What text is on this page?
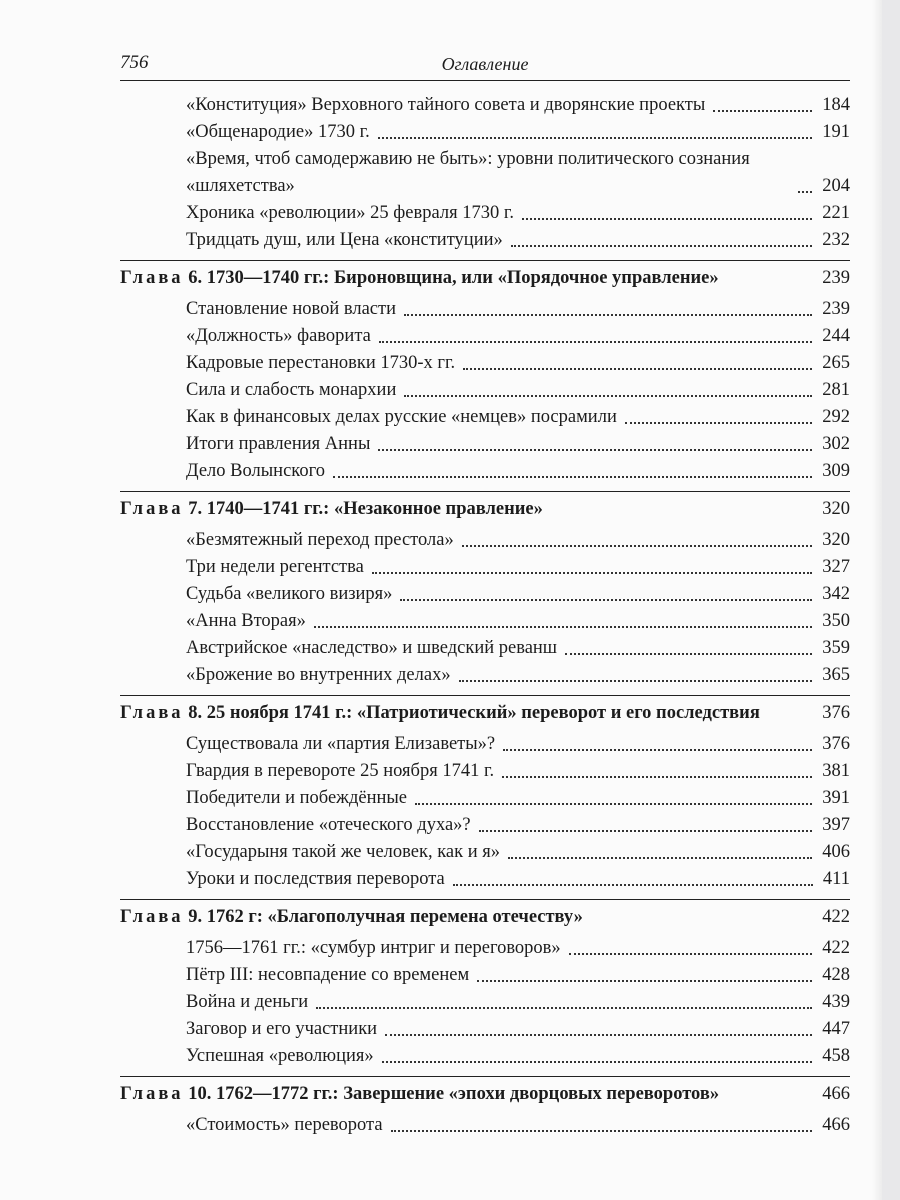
756	Оглавление
«Конституция» Верховного тайного совета и дворянские проекты	184
«Общенародие» 1730 г.	191
«Время, чтоб самодержавию не быть»: уровни политического сознания «шляхетства»	204
Хроника «революции» 25 февраля 1730 г.	221
Тридцать душ, или Цена «конституции»	232
Глава 6. 1730—1740 гг.: Бироновщина, или «Порядочное управление»	239
Становление новой власти	239
«Должность» фаворита	244
Кадровые перестановки 1730-х гг.	265
Сила и слабость монархии	281
Как в финансовых делах русские «немцев» посрамили	292
Итоги правления Анны	302
Дело Волынского	309
Глава 7. 1740—1741 гг.: «Незаконное правление»	320
«Безмятежный переход престола»	320
Три недели регентства	327
Судьба «великого визиря»	342
«Анна Вторая»	350
Австрийское «наследство» и шведский реванш	359
«Брожение во внутренних делах»	365
Глава 8. 25 ноября 1741 г.: «Патриотический» переворот и его последствия	376
Существовала ли «партия Елизаветы»?	376
Гвардия в перевороте 25 ноября 1741 г.	381
Победители и побеждённые	391
Восстановление «отеческого духа»?	397
«Государыня такой же человек, как и я»	406
Уроки и последствия переворота	411
Глава 9. 1762 г: «Благополучная перемена отечеству»	422
1756—1761 гг.: «сумбур интриг и переговоров»	422
Пётр III: несовпадение со временем	428
Война и деньги	439
Заговор и его участники	447
Успешная «революция»	458
Глава 10. 1762—1772 гг.: Завершение «эпохи дворцовых переворотов»	466
«Стоимость» переворота	466
